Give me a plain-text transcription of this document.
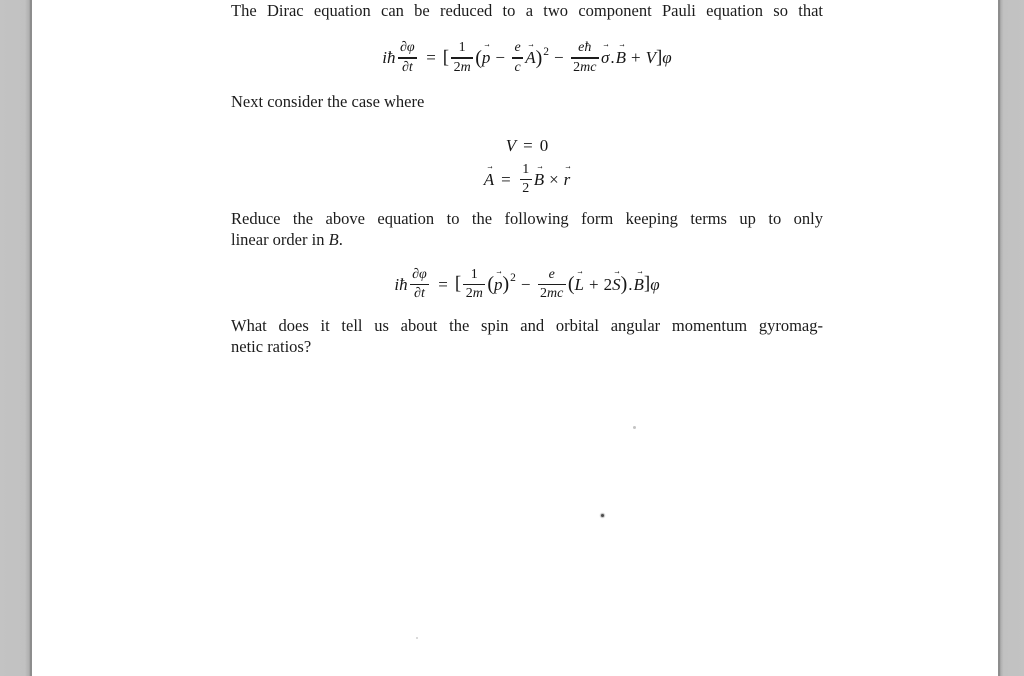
The Dirac equation can be reduced to a two component Pauli equation so that
iħ $\frac{\partial\varphi}{\partial t}$ = [ $\frac{1}{2m}$ (
→
$p - \frac{e}{c}$ →
A ) $2 - \frac{eħ}{2mc}$ →
σ .
→
B + V ] φ
Next consider the case where
V = 0
→
$A = \frac{1}{2}$ →
B ×
→
r
Reduce the above equation to the following form keeping terms up to only
linear order in B.
iħ $\frac{\partial\varphi}{\partial t}$ = [ $\frac{1}{2m}$ (
→
p ) $2 - \frac{e}{2mc}$ (
→
L + 2
→
S ) .
→
B ] φ
What does it tell us about the spin and orbital angular momentum gyromag-
netic ratios?
